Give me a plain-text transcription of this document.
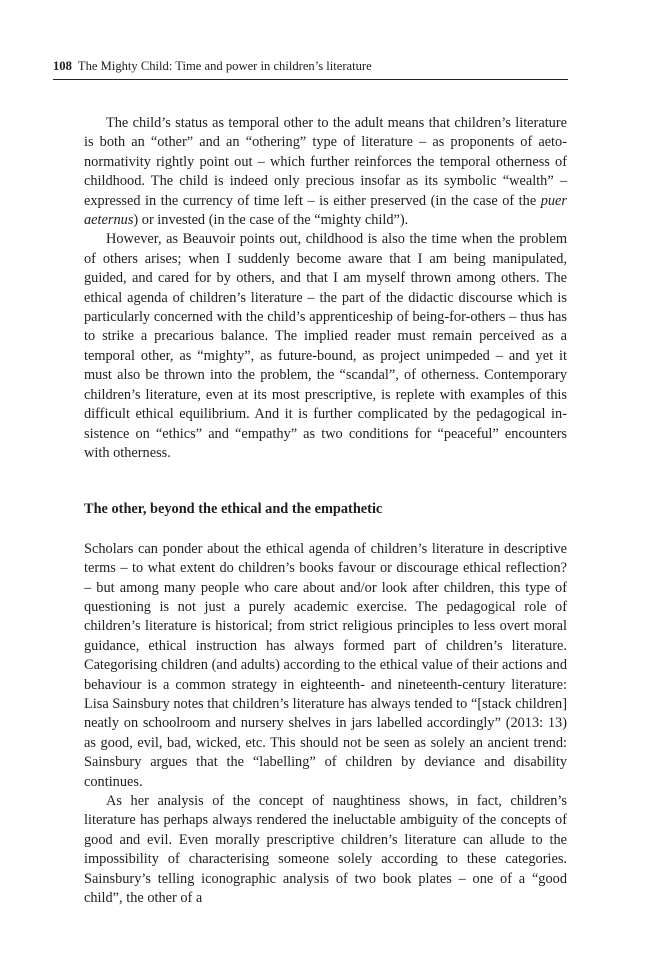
108 The Mighty Child: Time and power in children’s literature

The child’s status as temporal other to the adult means that children’s literature is both an “other” and an “othering” type of literature – as proponents of aetonormativity rightly point out – which further reinforces the temporal otherness of childhood. The child is indeed only precious insofar as its symbolic “wealth” – expressed in the currency of time left – is either preserved (in the case of the puer aeternus) or invested (in the case of the “mighty child”).

However, as Beauvoir points out, childhood is also the time when the problem of others arises; when I suddenly become aware that I am being manipulated, guided, and cared for by others, and that I am myself thrown among others. The ethical agenda of children’s literature – the part of the didactic discourse which is particularly concerned with the child’s apprenticeship of being-for-others – thus has to strike a precarious balance. The implied reader must remain perceived as a temporal other, as “mighty”, as future-bound, as project unimpeded – and yet it must also be thrown into the problem, the “scandal”, of otherness. Contemporary children’s literature, even at its most prescriptive, is replete with examples of this difficult ethical equilibrium. And it is further complicated by the pedagogical insistence on “ethics” and “empathy” as two conditions for “peaceful” encounters with otherness.

The other, beyond the ethical and the empathetic

Scholars can ponder about the ethical agenda of children’s literature in descriptive terms – to what extent do children’s books favour or discourage ethical reflection? – but among many people who care about and/or look after children, this type of questioning is not just a purely academic exercise. The pedagogical role of children’s literature is historical; from strict religious principles to less overt moral guidance, ethical instruction has always formed part of children’s literature. Categorising children (and adults) according to the ethical value of their actions and behaviour is a common strategy in eighteenth- and nineteenth-century literature: Lisa Sainsbury notes that children’s literature has always tended to “[stack children] neatly on schoolroom and nursery shelves in jars labelled accordingly” (2013: 13) as good, evil, bad, wicked, etc. This should not be seen as solely an ancient trend: Sainsbury argues that the “labelling” of children by deviance and disability continues.

As her analysis of the concept of naughtiness shows, in fact, children’s literature has perhaps always rendered the ineluctable ambiguity of the concepts of good and evil. Even morally prescriptive children’s literature can allude to the impossibility of characterising someone solely according to these categories. Sainsbury’s telling iconographic analysis of two book plates – one of a “good child”, the other of a
